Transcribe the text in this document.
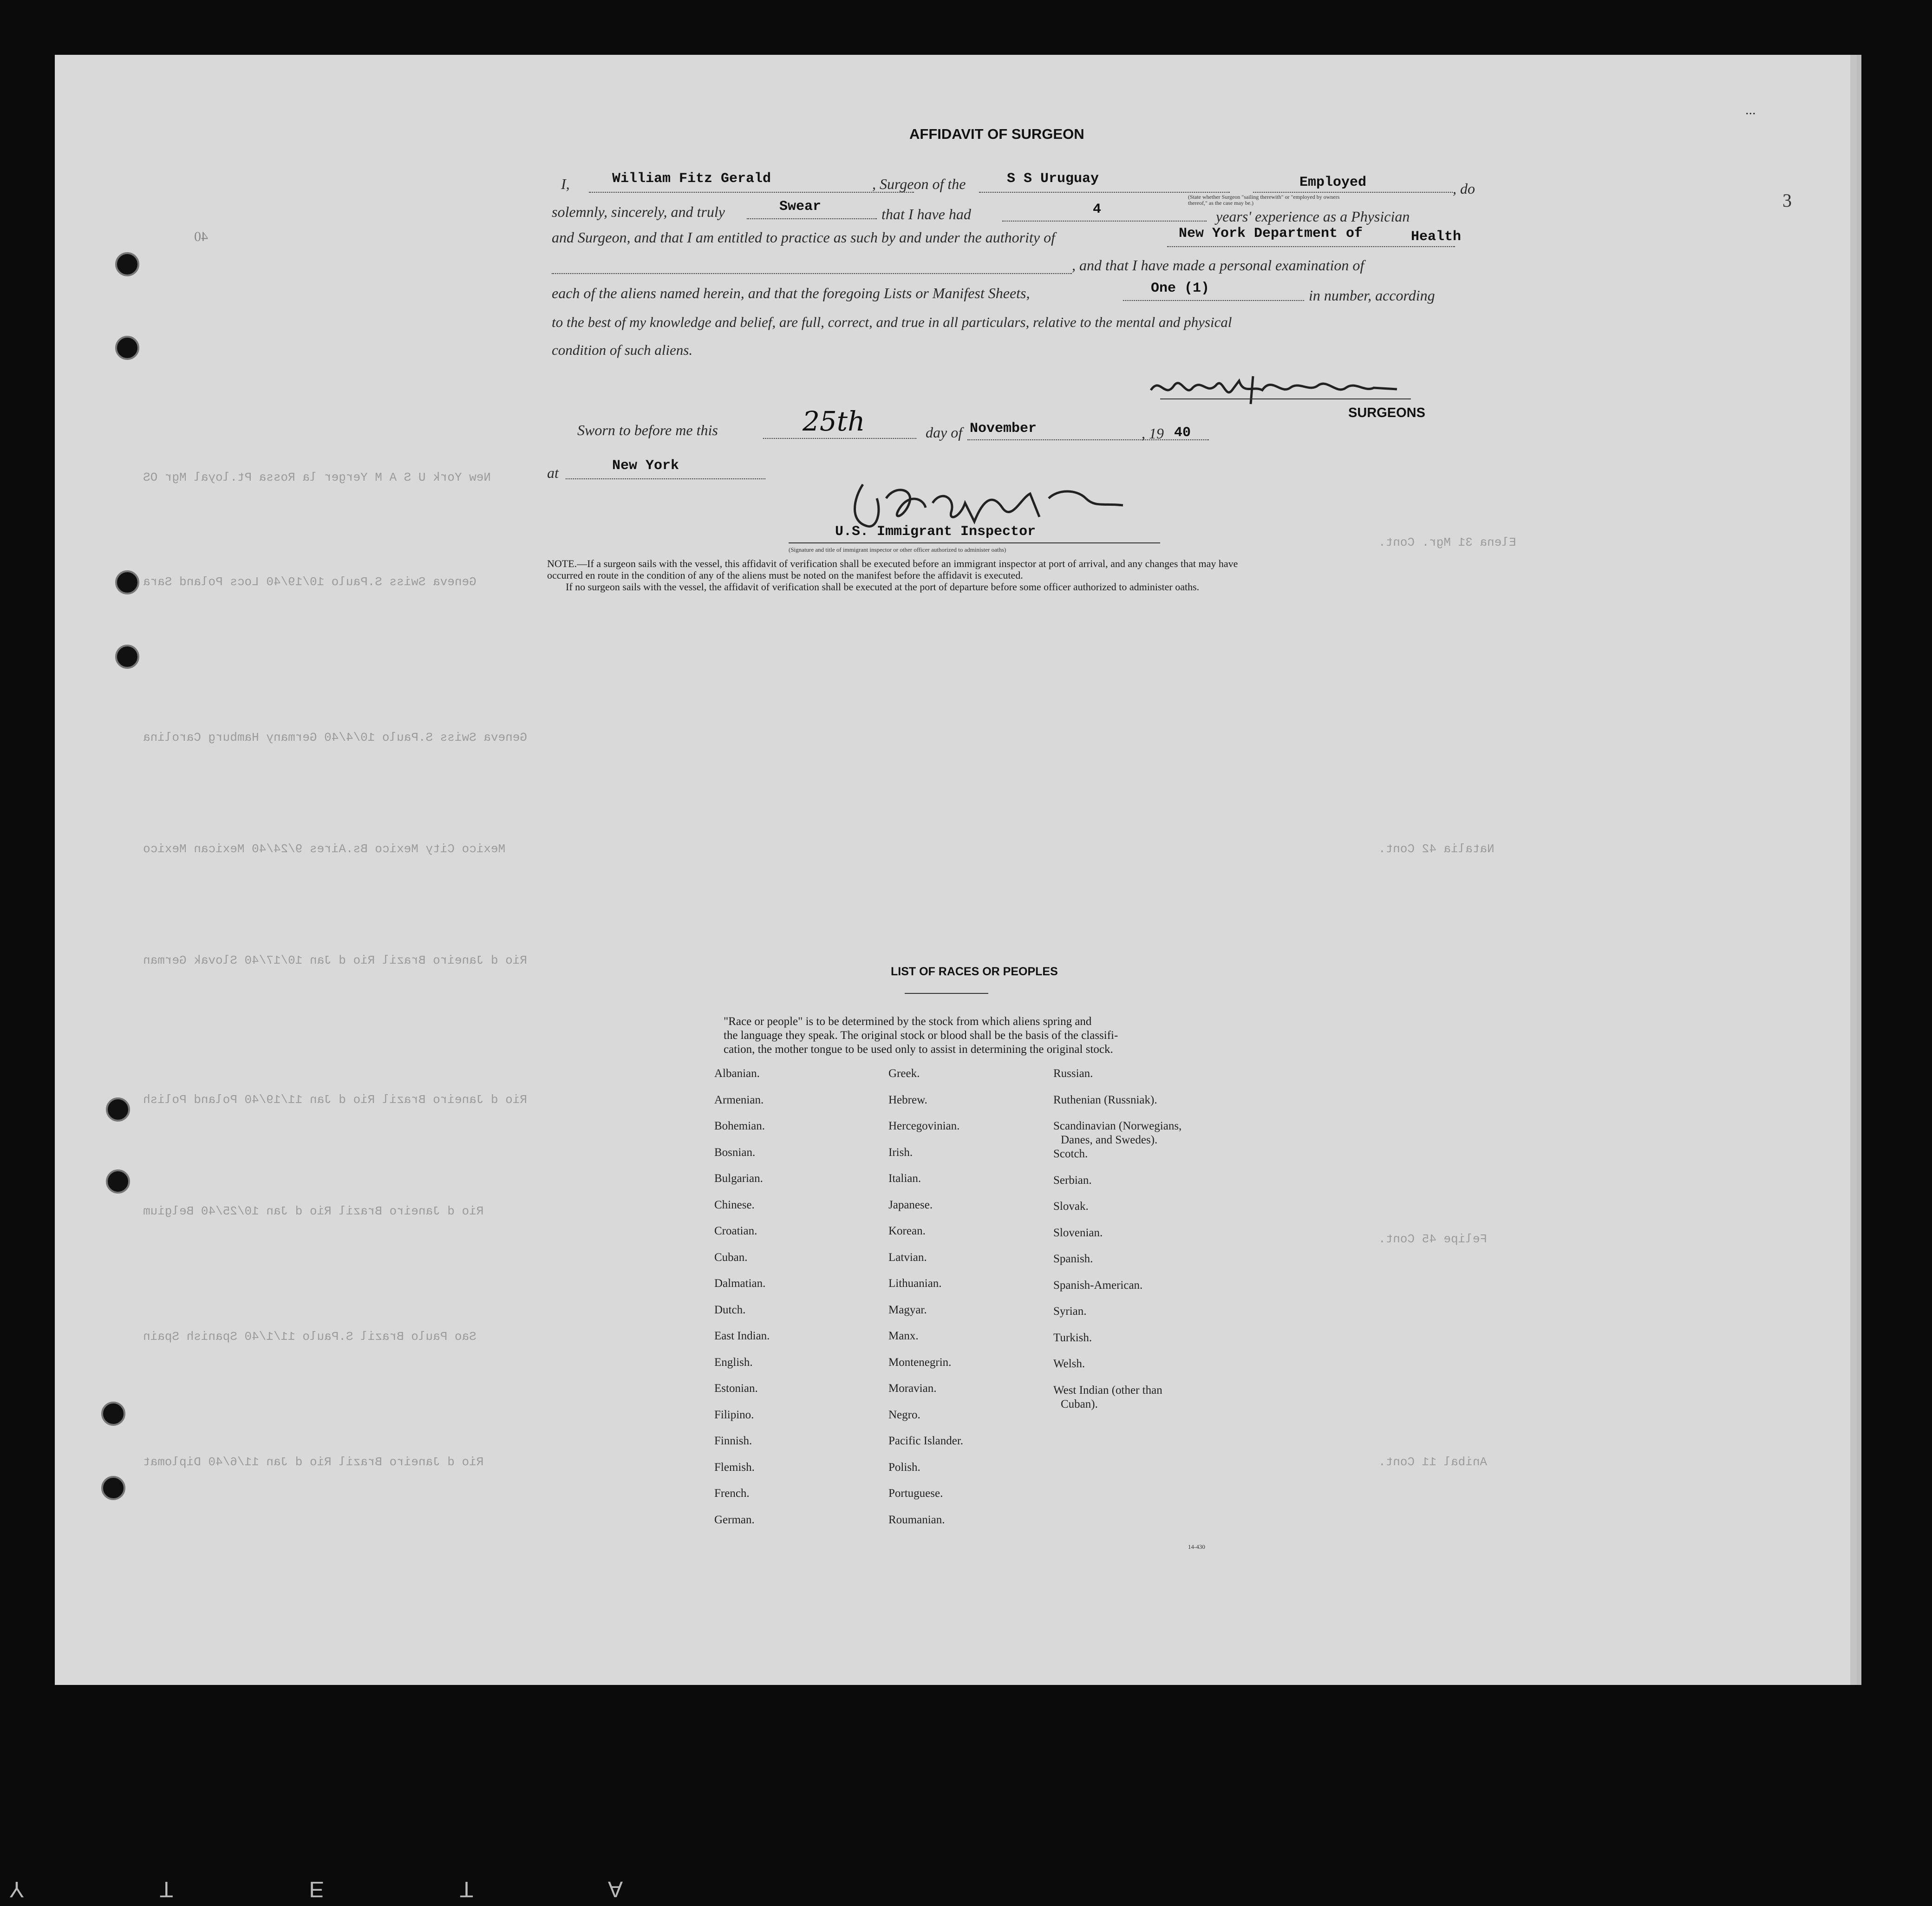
New York U S A M Yerger la Rossa Pt.loyal Mgr OS
Geneva Swiss S.Paulo 10/19/40 Locs Poland Sara
Geneva Swiss S.Paulo 10/4/40 Germany Hamburg Carolina
Mexico City Mexico Bs.Aires 9/24/40 Mexican Mexico
Rio d Janeiro Brazil Rio d Jan 10/17/40 Slovak German
Rio d Janeiro Brazil Rio d Jan 11/19/40 Poland Polish
Rio d Janeiro Brazil Rio d Jan 10/25/40 Belgium
Sao Paulo Brazil S.Paulo 11/1/40 Spanish Spain
Rio d Janeiro Brazil Rio d Jan 11/6/40 Diplomat
Elena 31 Mgr. Cont.
Natalia 42 Cont.
Felipe 45 Cont.
Anibal 11 Cont.
...
3
40
AFFIDAVIT OF SURGEON
I,	William Fitz Gerald	, Surgeon of the	S S Uruguay	Employed	, do
(State whether Surgeon "sailing therewith" or "employed by owners thereof," as the case may be.)
solemnly, sincerely, and truly	Swear	that I have had	4	years' experience as a Physician
and Surgeon, and that I am entitled to practice as such by and under the authority of	New York Department of	Health
, and that I have made a personal examination of
each of the aliens named herein, and that the foregoing Lists or Manifest Sheets,	One (1)	in number, according
to the best of my knowledge and belief, are full, correct, and true in all particulars, relative to the mental and physical
condition of such aliens.
SURGEONS
Sworn to before me this	25th	day of November	, 19 40
at	New York
U.S. Immigrant Inspector
(Signature and title of immigrant inspector or other officer authorized to administer oaths)
NOTE.—If a surgeon sails with the vessel, this affidavit of verification shall be executed before an immigrant inspector at port of arrival, and any changes that may have
occurred en route in the condition of any of the aliens must be noted on the manifest before the affidavit is executed.
If no surgeon sails with the vessel, the affidavit of verification shall be executed at the port of departure before some officer authorized to administer oaths.
LIST OF RACES OR PEOPLES
"Race or people" is to be determined by the stock from which aliens spring and
the language they speak. The original stock or blood shall be the basis of the classifi-
cation, the mother tongue to be used only to assist in determining the original stock.
Albanian.
Armenian.
Bohemian.
Bosnian.
Bulgarian.
Chinese.
Croatian.
Cuban.
Dalmatian.
Dutch.
East Indian.
English.
Estonian.
Filipino.
Finnish.
Flemish.
French.
German.
Greek.
Hebrew.
Hercegovinian.
Irish.
Italian.
Japanese.
Korean.
Latvian.
Lithuanian.
Magyar.
Manx.
Montenegrin.
Moravian.
Negro.
Pacific Islander.
Polish.
Portuguese.
Roumanian.
Russian.
Ruthenian (Russniak).
Scandinavian (Norwegians,
Danes, and Swedes).
Scotch.
Serbian.
Slovak.
Slovenian.
Spanish.
Spanish-American.
Syrian.
Turkish.
Welsh.
West Indian (other than
Cuban).
14-430
Y T E T A
